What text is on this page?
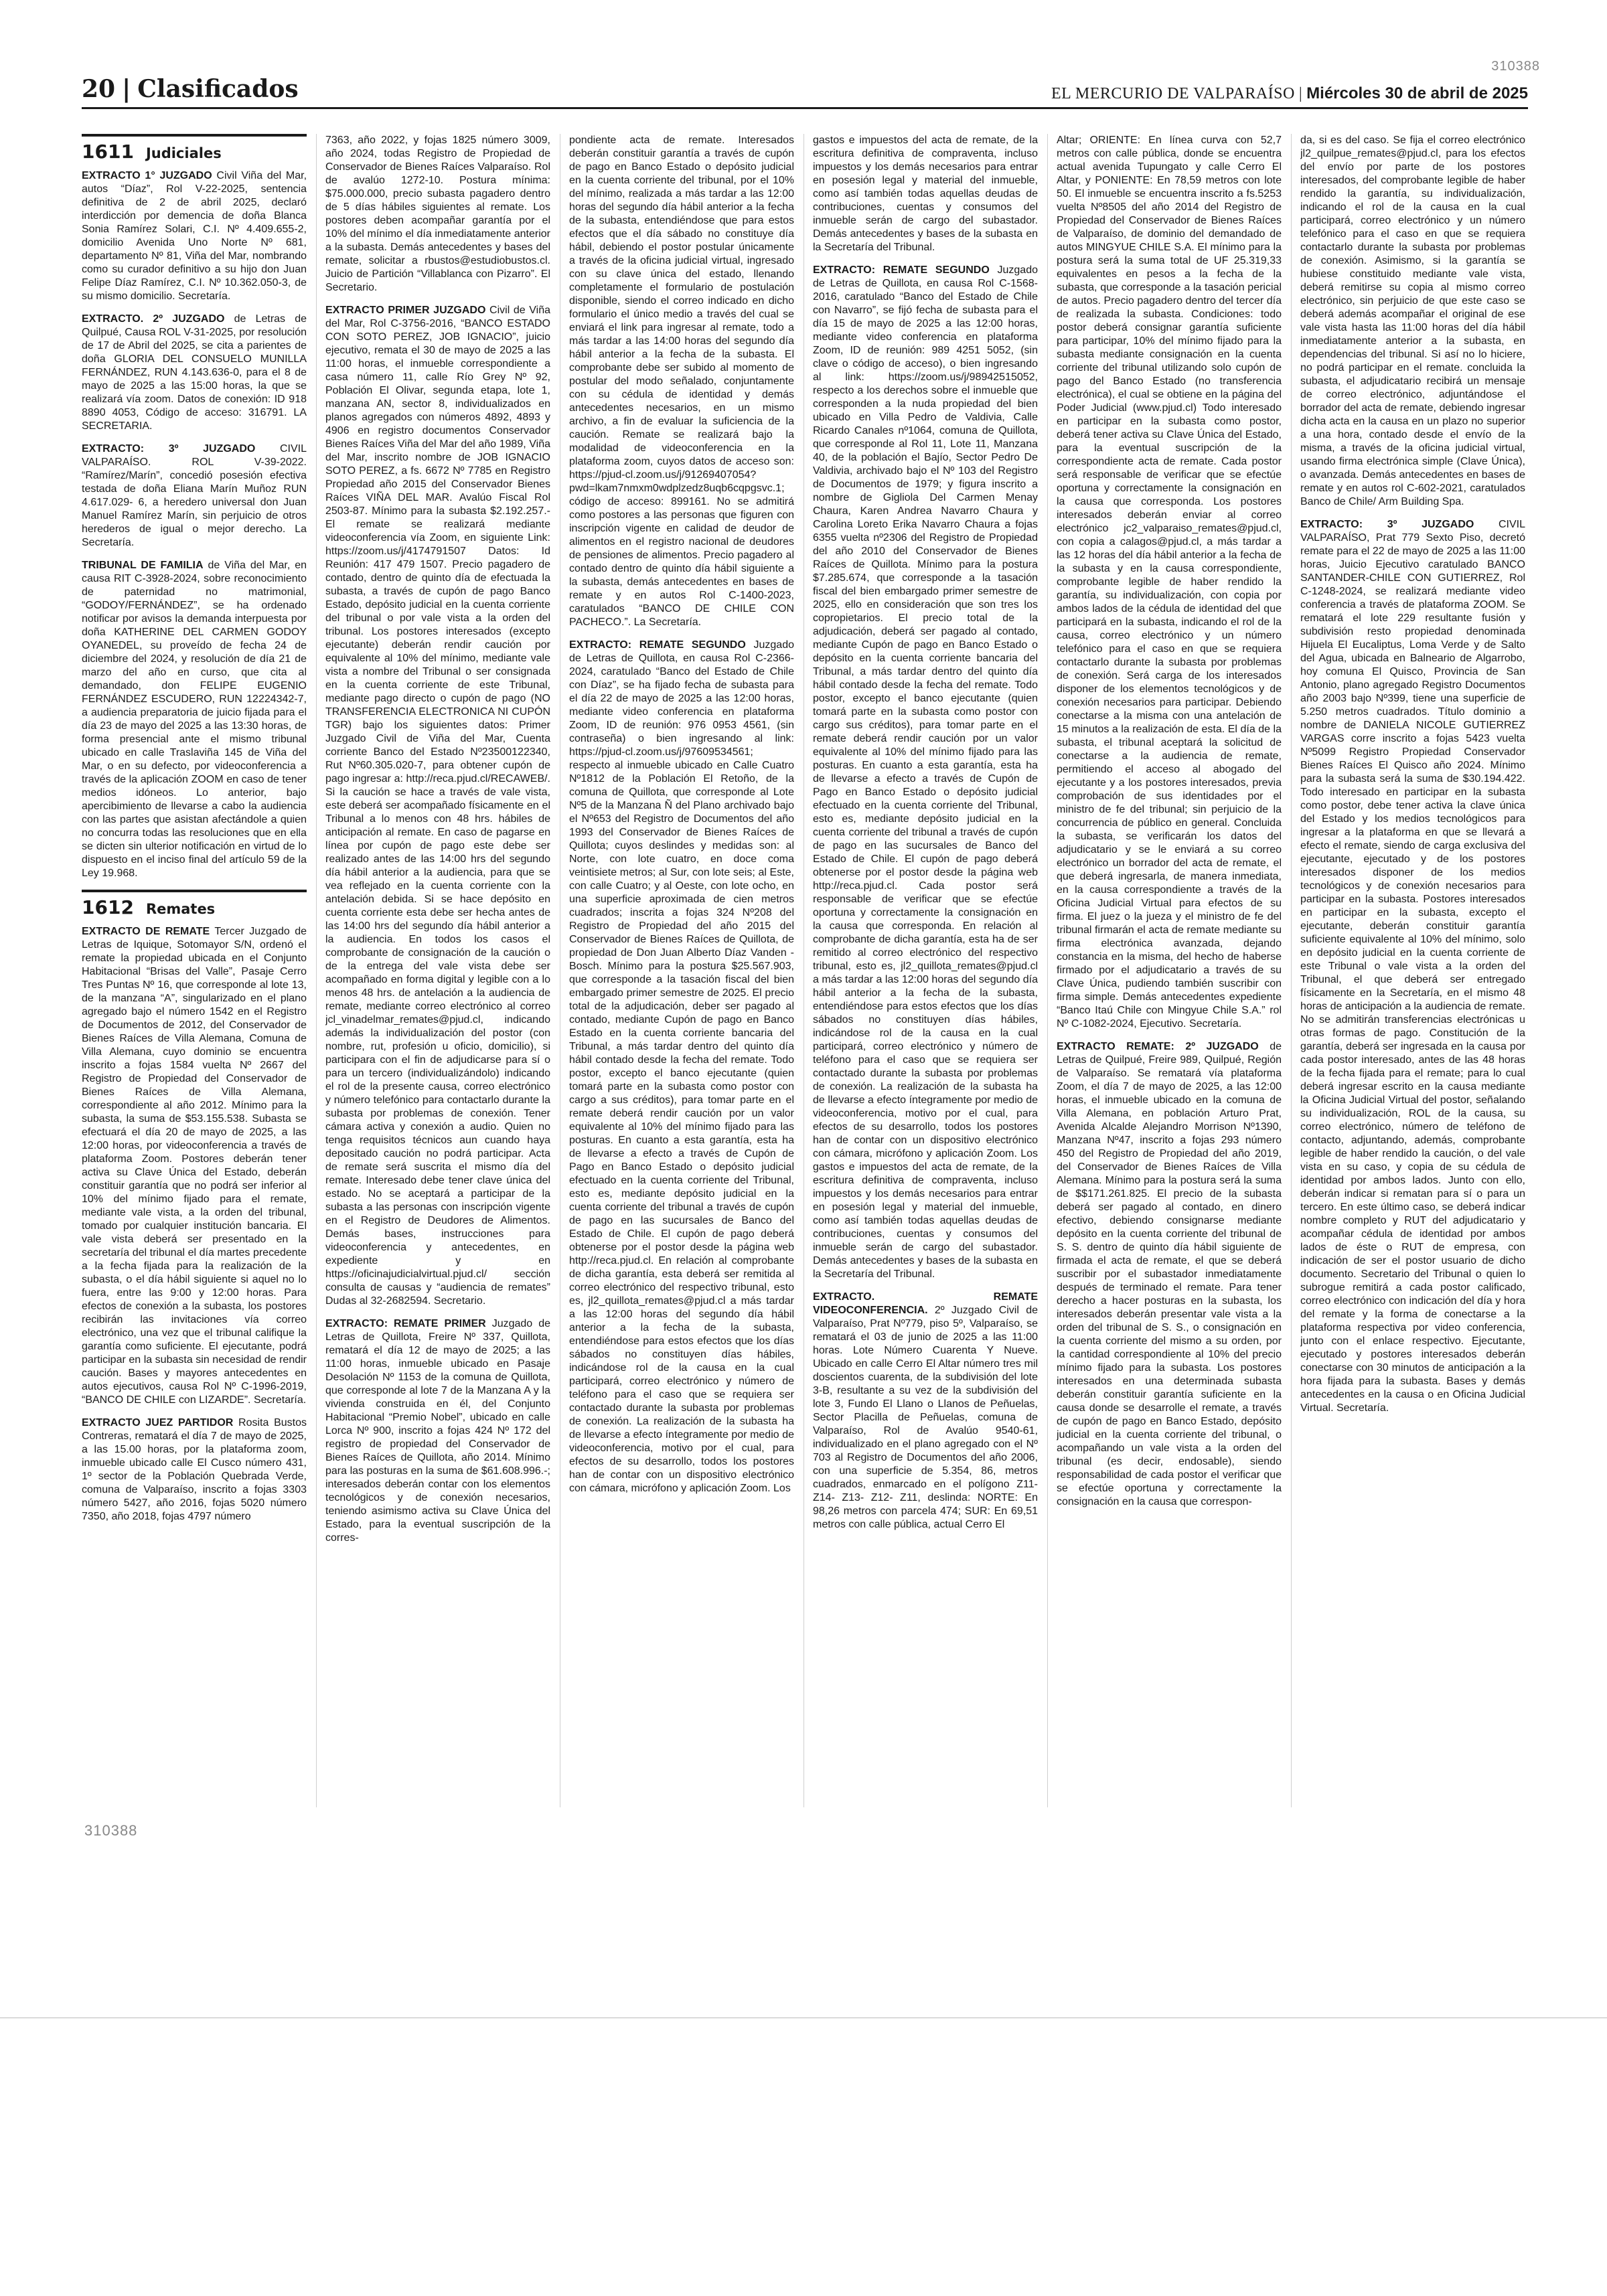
310388
20 | Clasificados	EL MERCURIO DE VALPARAÍSO | Miércoles 30 de abril de 2025
1611 Judiciales

EXTRACTO 1° JUZGADO Civil Viña del Mar, autos “Díaz”, Rol V-22-2025, sentencia definitiva de 2 de abril 2025, declaró interdicción por demencia de doña Blanca Sonia Ramírez Solari, C.I. Nº 4.409.655-2, domicilio Avenida Uno Norte Nº 681, departamento Nº 81, Viña del Mar, nombrando como su curador definitivo a su hijo don Juan Felipe Díaz Ramírez, C.I. Nº 10.362.050-3, de su mismo domicilio. Secretaría.

EXTRACTO. 2º JUZGADO de Letras de Quilpué, Causa ROL V-31-2025, por resolución de 17 de Abril del 2025, se cita a parientes de doña GLORIA DEL CONSUELO MUNILLA FERNÁNDEZ, RUN 4.143.636-0, para el 8 de mayo de 2025 a las 15:00 horas, la que se realizará vía zoom. Datos de conexión: ID 918 8890 4053, Código de acceso: 316791. LA SECRETARIA.

EXTRACTO: 3º JUZGADO CIVIL VALPARAÍSO. ROL V-39-2022. “Ramírez/Marín”, concedió posesión efectiva testada de doña Eliana Marín Muñoz RUN 4.617.029- 6, a heredero universal don Juan Manuel Ramírez Marín, sin perjuicio de otros herederos de igual o mejor derecho. La Secretaría.

TRIBUNAL DE FAMILIA de Viña del Mar, en causa RIT C-3928-2024, sobre reconocimiento de paternidad no matrimonial, “GODOY/FERNÁNDEZ”, se ha ordenado notificar por avisos la demanda interpuesta por doña KATHERINE DEL CARMEN GODOY OYANEDEL, su proveído de fecha 24 de diciembre del 2024, y resolución de día 21 de marzo del año en curso, que cita al demandado, don FELIPE EUGENIO FERNÁNDEZ ESCUDERO, RUN 12224342-7, a audiencia preparatoria de juicio fijada para el día 23 de mayo del 2025 a las 13:30 horas, de forma presencial ante el mismo tribunal ubicado en calle Traslaviña 145 de Viña del Mar, o en su defecto, por videoconferencia a través de la aplicación ZOOM en caso de tener medios idóneos. Lo anterior, bajo apercibimiento de llevarse a cabo la audiencia con las partes que asistan afectándole a quien no concurra todas las resoluciones que en ella se dicten sin ulterior notificación en virtud de lo dispuesto en el inciso final del artículo 59 de la Ley 19.968.

1612 Remates

EXTRACTO DE REMATE Tercer Juzgado de Letras de Iquique, Sotomayor S/N, ordenó el remate la propiedad ubicada en el Conjunto Habitacional “Brisas del Valle”, Pasaje Cerro Tres Puntas Nº 16, que corresponde al lote 13, de la manzana “A”, singularizado en el plano agregado bajo el número 1542 en el Registro de Documentos de 2012, del Conservador de Bienes Raíces de Villa Alemana, Comuna de Villa Alemana, cuyo dominio se encuentra inscrito a fojas 1584 vuelta Nº 2667 del Registro de Propiedad del Conservador de Bienes Raíces de Villa Alemana, correspondiente al año 2012. Mínimo para la subasta, la suma de $53.155.538. Subasta se efectuará el día 20 de mayo de 2025, a las 12:00 horas, por videoconferencia a través de plataforma Zoom. Postores deberán tener activa su Clave Única del Estado, deberán constituir garantía que no podrá ser inferior al 10% del mínimo fijado para el remate, mediante vale vista, a la orden del tribunal, tomado por cualquier institución bancaria. El vale vista deberá ser presentado en la secretaría del tribunal el día martes precedente a la fecha fijada para la realización de la subasta, o el día hábil siguiente si aquel no lo fuera, entre las 9:00 y 12:00 horas. Para efectos de conexión a la subasta, los postores recibirán las invitaciones vía correo electrónico, una vez que el tribunal califique la garantía como suficiente. El ejecutante, podrá participar en la subasta sin necesidad de rendir caución. Bases y mayores antecedentes en autos ejecutivos, causa Rol Nº C-1996-2019, “BANCO DE CHILE con LIZARDE”. Secretaría.

EXTRACTO JUEZ PARTIDOR Rosita Bustos Contreras, rematará el día 7 de mayo de 2025, a las 15.00 horas, por la plataforma zoom, inmueble ubicado calle El Cusco número 431, 1º sector de la Población Quebrada Verde, comuna de Valparaíso, inscrito a fojas 3303 número 5427, año 2016, fojas 5020 número 7350, año 2018, fojas 4797 número

7363, año 2022, y fojas 1825 número 3009, año 2024, todas Registro de Propiedad de Conservador de Bienes Raíces Valparaíso. Rol de avalúo 1272-10. Postura mínima: $75.000.000, precio subasta pagadero dentro de 5 días hábiles siguientes al remate. Los postores deben acompañar garantía por el 10% del mínimo el día inmediatamente anterior a la subasta. Demás antecedentes y bases del remate, solicitar a rbustos@estudiobustos.cl. Juicio de Partición “Villablanca con Pizarro”. El Secretario.

EXTRACTO PRIMER JUZGADO Civil de Viña del Mar, Rol C-3756-2016, “BANCO ESTADO CON SOTO PEREZ, JOB IGNACIO”, juicio ejecutivo, remata el 30 de mayo de 2025 a las 11:00 horas, el inmueble correspondiente a casa número 11, calle Río Grey Nº 92, Población El Olivar, segunda etapa, lote 1, manzana AN, sector 8, individualizados en planos agregados con números 4892, 4893 y 4906 en registro documentos Conservador Bienes Raíces Viña del Mar del año 1989, Viña del Mar, inscrito nombre de JOB IGNACIO SOTO PEREZ, a fs. 6672 Nº 7785 en Registro Propiedad año 2015 del Conservador Bienes Raíces VIÑA DEL MAR. Avalúo Fiscal Rol 2503-87. Mínimo para la subasta $2.192.257.- El remate se realizará mediante videoconferencia vía Zoom, en siguiente Link: https://zoom.us/j/4174791507 Datos: Id Reunión: 417 479 1507. Precio pagadero de contado, dentro de quinto día de efectuada la subasta, a través de cupón de pago Banco Estado, depósito judicial en la cuenta corriente del tribunal o por vale vista a la orden del tribunal. Los postores interesados (excepto ejecutante) deberán rendir caución por equivalente al 10% del mínimo, mediante vale vista a nombre del Tribunal o ser consignada en la cuenta corriente de este Tribunal, mediante pago directo o cupón de pago (NO TRANSFERENCIA ELECTRONICA NI CUPÓN TGR) bajo los siguientes datos: Primer Juzgado Civil de Viña del Mar, Cuenta corriente Banco del Estado Nº23500122340, Rut Nº60.305.020-7, para obtener cupón de pago ingresar a: http://reca.pjud.cl/RECAWEB/. Si la caución se hace a través de vale vista, este deberá ser acompañado físicamente en el Tribunal a lo menos con 48 hrs. hábiles de anticipación al remate. En caso de pagarse en línea por cupón de pago este debe ser realizado antes de las 14:00 hrs del segundo día hábil anterior a la audiencia, para que se vea reflejado en la cuenta corriente con la antelación debida. Si se hace depósito en cuenta corriente esta debe ser hecha antes de las 14:00 hrs del segundo día hábil anterior a la audiencia. En todos los casos el comprobante de consignación de la caución o de la entrega del vale vista debe ser acompañado en forma digital y legible con a lo menos 48 hrs. de antelación a la audiencia de remate, mediante correo electrónico al correo jcl_vinadelmar_remates@pjud.cl, indicando además la individualización del postor (con nombre, rut, profesión u oficio, domicilio), si participara con el fin de adjudicarse para sí o para un tercero (individualizándolo) indicando el rol de la presente causa, correo electrónico y número telefónico para contactarlo durante la subasta por problemas de conexión. Tener cámara activa y conexión a audio. Quien no tenga requisitos técnicos aun cuando haya depositado caución no podrá participar. Acta de remate será suscrita el mismo día del remate. Interesado debe tener clave única del estado. No se aceptará a participar de la subasta a las personas con inscripción vigente en el Registro de Deudores de Alimentos. Demás bases, instrucciones para videoconferencia y antecedentes, en expediente y en https://oficinajudicialvirtual.pjud.cl/ sección consulta de causas y “audiencia de remates” Dudas al 32-2682594. Secretario.

EXTRACTO: REMATE PRIMER Juzgado de Letras de Quillota, Freire Nº 337, Quillota, rematará el día 12 de mayo de 2025; a las 11:00 horas, inmueble ubicado en Pasaje Desolación Nº 1153 de la comuna de Quillota, que corresponde al lote 7 de la Manzana A y la vivienda construida en él, del Conjunto Habitacional “Premio Nobel”, ubicado en calle Lorca Nº 900, inscrito a fojas 424 Nº 172 del registro de propiedad del Conservador de Bienes Raíces de Quillota, año 2014. Mínimo para las posturas en la suma de $61.608.996.-; interesados deberán contar con los elementos tecnológicos y de conexión necesarios, teniendo asimismo activa su Clave Única del Estado, para la eventual suscripción de la corres-

pondiente acta de remate. Interesados deberán constituir garantía a través de cupón de pago en Banco Estado o depósito judicial en la cuenta corriente del tribunal, por el 10% del mínimo, realizada a más tardar a las 12:00 horas del segundo día hábil anterior a la fecha de la subasta, entendiéndose que para estos efectos que el día sábado no constituye día hábil, debiendo el postor postular únicamente a través de la oficina judicial virtual, ingresado con su clave única del estado, llenando completamente el formulario de postulación disponible, siendo el correo indicado en dicho formulario el único medio a través del cual se enviará el link para ingresar al remate, todo a más tardar a las 14:00 horas del segundo día hábil anterior a la fecha de la subasta. El comprobante debe ser subido al momento de postular del modo señalado, conjuntamente con su cédula de identidad y demás antecedentes necesarios, en un mismo archivo, a fin de evaluar la suficiencia de la caución. Remate se realizará bajo la modalidad de videoconferencia en la plataforma zoom, cuyos datos de acceso son: https://pjud-cl.zoom.us/j/91269407054?pwd=lkam7nmxm0wdplzedz8uqb6cqpgsvc.1; código de acceso: 899161. No se admitirá como postores a las personas que figuren con inscripción vigente en calidad de deudor de alimentos en el registro nacional de deudores de pensiones de alimentos. Precio pagadero al contado dentro de quinto día hábil siguiente a la subasta, demás antecedentes en bases de remate y en autos Rol C-1400-2023, caratulados “BANCO DE CHILE CON PACHECO.”. La Secretaría.

EXTRACTO: REMATE SEGUNDO Juzgado de Letras de Quillota, en causa Rol C-2366-2024, caratulado “Banco del Estado de Chile con Díaz”, se ha fijado fecha de subasta para el día 22 de mayo de 2025 a las 12:00 horas, mediante video conferencia en plataforma Zoom, ID de reunión: 976 0953 4561, (sin contraseña) o bien ingresando al link: https://pjud-cl.zoom.us/j/97609534561; respecto al inmueble ubicado en Calle Cuatro Nº1812 de la Población El Retoño, de la comuna de Quillota, que corresponde al Lote Nº5 de la Manzana Ñ del Plano archivado bajo el Nº653 del Registro de Documentos del año 1993 del Conservador de Bienes Raíces de Quillota; cuyos deslindes y medidas son: al Norte, con lote cuatro, en doce coma veintisiete metros; al Sur, con lote seis; al Este, con calle Cuatro; y al Oeste, con lote ocho, en una superficie aproximada de cien metros cuadrados; inscrita a fojas 324 Nº208 del Registro de Propiedad del año 2015 del Conservador de Bienes Raíces de Quillota, de propiedad de Don Juan Alberto Díaz Vanden - Bosch. Mínimo para la postura $25.567.903, que corresponde a la tasación fiscal del bien embargado primer semestre de 2025. El precio total de la adjudicación, deber ser pagado al contado, mediante Cupón de pago en Banco Estado en la cuenta corriente bancaria del Tribunal, a más tardar dentro del quinto día hábil contado desde la fecha del remate. Todo postor, excepto el banco ejecutante (quien tomará parte en la subasta como postor con cargo a sus créditos), para tomar parte en el remate deberá rendir caución por un valor equivalente al 10% del mínimo fijado para las posturas. En cuanto a esta garantía, esta ha de llevarse a efecto a través de Cupón de Pago en Banco Estado o depósito judicial efectuado en la cuenta corriente del Tribunal, esto es, mediante depósito judicial en la cuenta corriente del tribunal a través de cupón de pago en las sucursales de Banco del Estado de Chile. El cupón de pago deberá obtenerse por el postor desde la página web http://reca.pjud.cl. En relación al comprobante de dicha garantía, esta deberá ser remitida al correo electrónico del respectivo tribunal, esto es, jl2_quillota_remates@pjud.cl a más tardar a las 12:00 horas del segundo día hábil anterior a la fecha de la subasta, entendiéndose para estos efectos que los días sábados no constituyen días hábiles, indicándose rol de la causa en la cual participará, correo electrónico y número de teléfono para el caso que se requiera ser contactado durante la subasta por problemas de conexión. La realización de la subasta ha de llevarse a efecto íntegramente por medio de videoconferencia, motivo por el cual, para efectos de su desarrollo, todos los postores han de contar con un dispositivo electrónico con cámara, micrófono y aplicación Zoom. Los

gastos e impuestos del acta de remate, de la escritura definitiva de compraventa, incluso impuestos y los demás necesarios para entrar en posesión legal y material del inmueble, como así también todas aquellas deudas de contribuciones, cuentas y consumos del inmueble serán de cargo del subastador. Demás antecedentes y bases de la subasta en la Secretaría del Tribunal.

EXTRACTO: REMATE SEGUNDO Juzgado de Letras de Quillota, en causa Rol C-1568-2016, caratulado “Banco del Estado de Chile con Navarro”, se fijó fecha de subasta para el día 15 de mayo de 2025 a las 12:00 horas, mediante video conferencia en plataforma Zoom, ID de reunión: 989 4251 5052, (sin clave o código de acceso), o bien ingresando al link: https://zoom.us/j/98942515052, respecto a los derechos sobre el inmueble que corresponden a la nuda propiedad del bien ubicado en Villa Pedro de Valdivia, Calle Ricardo Canales nº1064, comuna de Quillota, que corresponde al Rol 11, Lote 11, Manzana 40, de la población el Bajío, Sector Pedro De Valdivia, archivado bajo el Nº 103 del Registro de Documentos de 1979; y figura inscrito a nombre de Gigliola Del Carmen Menay Chaura, Karen Andrea Navarro Chaura y Carolina Loreto Erika Navarro Chaura a fojas 6355 vuelta nº2306 del Registro de Propiedad del año 2010 del Conservador de Bienes Raíces de Quillota. Mínimo para la postura $7.285.674, que corresponde a la tasación fiscal del bien embargado primer semestre de 2025, ello en consideración que son tres los copropietarios. El precio total de la adjudicación, deberá ser pagado al contado, mediante Cupón de pago en Banco Estado o depósito en la cuenta corriente bancaria del Tribunal, a más tardar dentro del quinto día hábil contado desde la fecha del remate. Todo postor, excepto el banco ejecutante (quien tomará parte en la subasta como postor con cargo sus créditos), para tomar parte en el remate deberá rendir caución por un valor equivalente al 10% del mínimo fijado para las posturas. En cuanto a esta garantía, esta ha de llevarse a efecto a través de Cupón de Pago en Banco Estado o depósito judicial efectuado en la cuenta corriente del Tribunal, esto es, mediante depósito judicial en la cuenta corriente del tribunal a través de cupón de pago en las sucursales de Banco del Estado de Chile. El cupón de pago deberá obtenerse por el postor desde la página web http://reca.pjud.cl. Cada postor será responsable de verificar que se efectúe oportuna y correctamente la consignación en la causa que corresponda. En relación al comprobante de dicha garantía, esta ha de ser remitido al correo electrónico del respectivo tribunal, esto es, jl2_quillota_remates@pjud.cl a más tardar a las 12:00 horas del segundo día hábil anterior a la fecha de la subasta, entendiéndose para estos efectos que los días sábados no constituyen días hábiles, indicándose rol de la causa en la cual participará, correo electrónico y número de teléfono para el caso que se requiera ser contactado durante la subasta por problemas de conexión. La realización de la subasta ha de llevarse a efecto íntegramente por medio de videoconferencia, motivo por el cual, para efectos de su desarrollo, todos los postores han de contar con un dispositivo electrónico con cámara, micrófono y aplicación Zoom. Los gastos e impuestos del acta de remate, de la escritura definitiva de compraventa, incluso impuestos y los demás necesarios para entrar en posesión legal y material del inmueble, como así también todas aquellas deudas de contribuciones, cuentas y consumos del inmueble serán de cargo del subastador. Demás antecedentes y bases de la subasta en la Secretaría del Tribunal.

EXTRACTO. REMATE VIDEOCONFERENCIA. 2º Juzgado Civil de Valparaíso, Prat Nº779, piso 5º, Valparaíso, se rematará el 03 de junio de 2025 a las 11:00 horas. Lote Número Cuarenta Y Nueve. Ubicado en calle Cerro El Altar número tres mil doscientos cuarenta, de la subdivisión del lote 3-B, resultante a su vez de la subdivisión del lote 3, Fundo El Llano o Llanos de Peñuelas, Sector Placilla de Peñuelas, comuna de Valparaíso, Rol de Avalúo 9540-61, individualizado en el plano agregado con el Nº 703 al Registro de Documentos del año 2006, con una superficie de 5.354, 86, metros cuadrados, enmarcado en el polígono Z11- Z14- Z13- Z12- Z11, deslinda: NORTE: En 98,26 metros con parcela 474; SUR: En 69,51 metros con calle pública, actual Cerro El

Altar; ORIENTE: En línea curva con 52,7 metros con calle pública, donde se encuentra actual avenida Tupungato y calle Cerro El Altar, y PONIENTE: En 78,59 metros con lote 50. El inmueble se encuentra inscrito a fs.5253 vuelta Nº8505 del año 2014 del Registro de Propiedad del Conservador de Bienes Raíces de Valparaíso, de dominio del demandado de autos MINGYUE CHILE S.A. El mínimo para la postura será la suma total de UF 25.319,33 equivalentes en pesos a la fecha de la subasta, que corresponde a la tasación pericial de autos. Precio pagadero dentro del tercer día de realizada la subasta. Condiciones: todo postor deberá consignar garantía suficiente para participar, 10% del mínimo fijado para la subasta mediante consignación en la cuenta corriente del tribunal utilizando solo cupón de pago del Banco Estado (no transferencia electrónica), el cual se obtiene en la página del Poder Judicial (www.pjud.cl) Todo interesado en participar en la subasta como postor, deberá tener activa su Clave Única del Estado, para la eventual suscripción de la correspondiente acta de remate. Cada postor será responsable de verificar que se efectúe oportuna y correctamente la consignación en la causa que corresponda. Los postores interesados deberán enviar al correo electrónico jc2_valparaiso_remates@pjud.cl, con copia a calagos@pjud.cl, a más tardar a las 12 horas del día hábil anterior a la fecha de la subasta y en la causa correspondiente, comprobante legible de haber rendido la garantía, su individualización, con copia por ambos lados de la cédula de identidad del que participará en la subasta, indicando el rol de la causa, correo electrónico y un número telefónico para el caso en que se requiera contactarlo durante la subasta por problemas de conexión. Será carga de los interesados disponer de los elementos tecnológicos y de conexión necesarios para participar. Debiendo conectarse a la misma con una antelación de 15 minutos a la realización de esta. El día de la subasta, el tribunal aceptará la solicitud de conectarse a la audiencia de remate, permitiendo el acceso al abogado del ejecutante y a los postores interesados, previa comprobación de sus identidades por el ministro de fe del tribunal; sin perjuicio de la concurrencia de público en general. Concluida la subasta, se verificarán los datos del adjudicatario y se le enviará a su correo electrónico un borrador del acta de remate, el que deberá ingresarla, de manera inmediata, en la causa correspondiente a través de la Oficina Judicial Virtual para efectos de su firma. El juez o la jueza y el ministro de fe del tribunal firmarán el acta de remate mediante su firma electrónica avanzada, dejando constancia en la misma, del hecho de haberse firmado por el adjudicatario a través de su Clave Única, pudiendo también suscribir con firma simple. Demás antecedentes expediente “Banco Itaú Chile con Mingyue Chile S.A.” rol Nº C-1082-2024, Ejecutivo. Secretaría.

EXTRACTO REMATE: 2º JUZGADO de Letras de Quilpué, Freire 989, Quilpué, Región de Valparaíso. Se rematará vía plataforma Zoom, el día 7 de mayo de 2025, a las 12:00 horas, el inmueble ubicado en la comuna de Villa Alemana, en población Arturo Prat, Avenida Alcalde Alejandro Morrison Nº1390, Manzana Nº47, inscrito a fojas 293 número 450 del Registro de Propiedad del año 2019, del Conservador de Bienes Raíces de Villa Alemana. Mínimo para la postura será la suma de $$171.261.825. El precio de la subasta deberá ser pagado al contado, en dinero efectivo, debiendo consignarse mediante depósito en la cuenta corriente del tribunal de S. S. dentro de quinto día hábil siguiente de firmada el acta de remate, el que se deberá suscribir por el subastador inmediatamente después de terminado el remate. Para tener derecho a hacer posturas en la subasta, los interesados deberán presentar vale vista a la orden del tribunal de S. S., o consignación en la cuenta corriente del mismo a su orden, por la cantidad correspondiente al 10% del precio mínimo fijado para la subasta. Los postores interesados en una determinada subasta deberán constituir garantía suficiente en la causa donde se desarrolle el remate, a través de cupón de pago en Banco Estado, depósito judicial en la cuenta corriente del tribunal, o acompañando un vale vista a la orden del tribunal (es decir, endosable), siendo responsabilidad de cada postor el verificar que se efectúe oportuna y correctamente la consignación en la causa que correspon-

da, si es del caso. Se fija el correo electrónico jl2_quilpue_remates@pjud.cl, para los efectos del envío por parte de los postores interesados, del comprobante legible de haber rendido la garantía, su individualización, indicando el rol de la causa en la cual participará, correo electrónico y un número telefónico para el caso en que se requiera contactarlo durante la subasta por problemas de conexión. Asimismo, si la garantía se hubiese constituido mediante vale vista, deberá remitirse su copia al mismo correo electrónico, sin perjuicio de que este caso se deberá además acompañar el original de ese vale vista hasta las 11:00 horas del día hábil inmediatamente anterior a la subasta, en dependencias del tribunal. Si así no lo hiciere, no podrá participar en el remate. concluida la subasta, el adjudicatario recibirá un mensaje de correo electrónico, adjuntándose el borrador del acta de remate, debiendo ingresar dicha acta en la causa en un plazo no superior a una hora, contado desde el envío de la misma, a través de la oficina judicial virtual, usando firma electrónica simple (Clave Única), o avanzada. Demás antecedentes en bases de remate y en autos rol C-602-2021, caratulados Banco de Chile/ Arm Building Spa.

EXTRACTO: 3º JUZGADO CIVIL VALPARAÍSO, Prat 779 Sexto Piso, decretó remate para el 22 de mayo de 2025 a las 11:00 horas, Juicio Ejecutivo caratulado BANCO SANTANDER-CHILE CON GUTIERREZ, Rol C-1248-2024, se realizará mediante video conferencia a través de plataforma ZOOM. Se rematará el lote 229 resultante fusión y subdivisión resto propiedad denominada Hijuela El Eucaliptus, Loma Verde y de Salto del Agua, ubicada en Balneario de Algarrobo, hoy comuna El Quisco, Provincia de San Antonio, plano agregado Registro Documentos año 2003 bajo Nº399, tiene una superficie de 5.250 metros cuadrados. Título dominio a nombre de DANIELA NICOLE GUTIERREZ VARGAS corre inscrito a fojas 5423 vuelta Nº5099 Registro Propiedad Conservador Bienes Raíces El Quisco año 2024. Mínimo para la subasta será la suma de $30.194.422. Todo interesado en participar en la subasta como postor, debe tener activa la clave única del Estado y los medios tecnológicos para ingresar a la plataforma en que se llevará a efecto el remate, siendo de carga exclusiva del ejecutante, ejecutado y de los postores interesados disponer de los medios tecnológicos y de conexión necesarios para participar en la subasta. Postores interesados en participar en la subasta, excepto el ejecutante, deberán constituir garantía suficiente equivalente al 10% del mínimo, solo en depósito judicial en la cuenta corriente de este Tribunal o vale vista a la orden del Tribunal, el que deberá ser entregado físicamente en la Secretaría, en el mismo 48 horas de anticipación a la audiencia de remate. No se admitirán transferencias electrónicas u otras formas de pago. Constitución de la garantía, deberá ser ingresada en la causa por cada postor interesado, antes de las 48 horas de la fecha fijada para el remate; para lo cual deberá ingresar escrito en la causa mediante la Oficina Judicial Virtual del postor, señalando su individualización, ROL de la causa, su correo electrónico, número de teléfono de contacto, adjuntando, además, comprobante legible de haber rendido la caución, o del vale vista en su caso, y copia de su cédula de identidad por ambos lados. Junto con ello, deberán indicar si rematan para sí o para un tercero. En este último caso, se deberá indicar nombre completo y RUT del adjudicatario y acompañar cédula de identidad por ambos lados de éste o RUT de empresa, con indicación de ser el postor usuario de dicho documento. Secretario del Tribunal o quien lo subrogue remitirá a cada postor calificado, correo electrónico con indicación del día y hora del remate y la forma de conectarse a la plataforma respectiva por video conferencia, junto con el enlace respectivo. Ejecutante, ejecutado y postores interesados deberán conectarse con 30 minutos de anticipación a la hora fijada para la subasta. Bases y demás antecedentes en la causa o en Oficina Judicial Virtual. Secretaría.

310388
